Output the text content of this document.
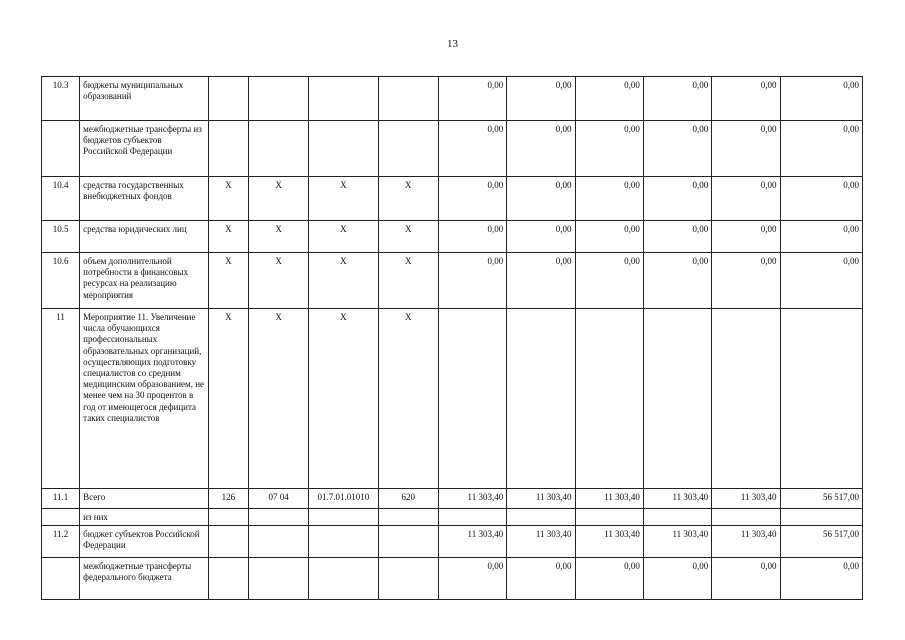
13
10.3	бюджеты муниципальных образований					0,00	0,00	0,00	0,00	0,00	0,00
	межбюджетные трансферты из бюджетов субъектов Российской Федерации					0,00	0,00	0,00	0,00	0,00	0,00
10.4	средства государственных внебюджетных фондов	X	X	X	X	0,00	0,00	0,00	0,00	0,00	0,00
10.5	средства юридических лиц	X	X	X	X	0,00	0,00	0,00	0,00	0,00	0,00
10.6	объем дополнительной потребности в финансовых ресурсах на реализацию мероприятия	X	X	X	X	0,00	0,00	0,00	0,00	0,00	0,00
11	Мероприятие 11. Увеличение числа обучающихся профессиональных образовательных организаций, осуществляющих подготовку специалистов со средним медицинским образованием, не менее чем на 30 процентов в год от имеющегося дефицита таких специалистов	X	X	X	X						
11.1	Всего	126	07 04	01.7.01.01010	620	11 303,40	11 303,40	11 303,40	11 303,40	11 303,40	56 517,00
	из них										
11.2	бюджет субъектов Российской Федерации					11 303,40	11 303,40	11 303,40	11 303,40	11 303,40	56 517,00
	межбюджетные трансферты федерального бюджета					0,00	0,00	0,00	0,00	0,00	0,00
